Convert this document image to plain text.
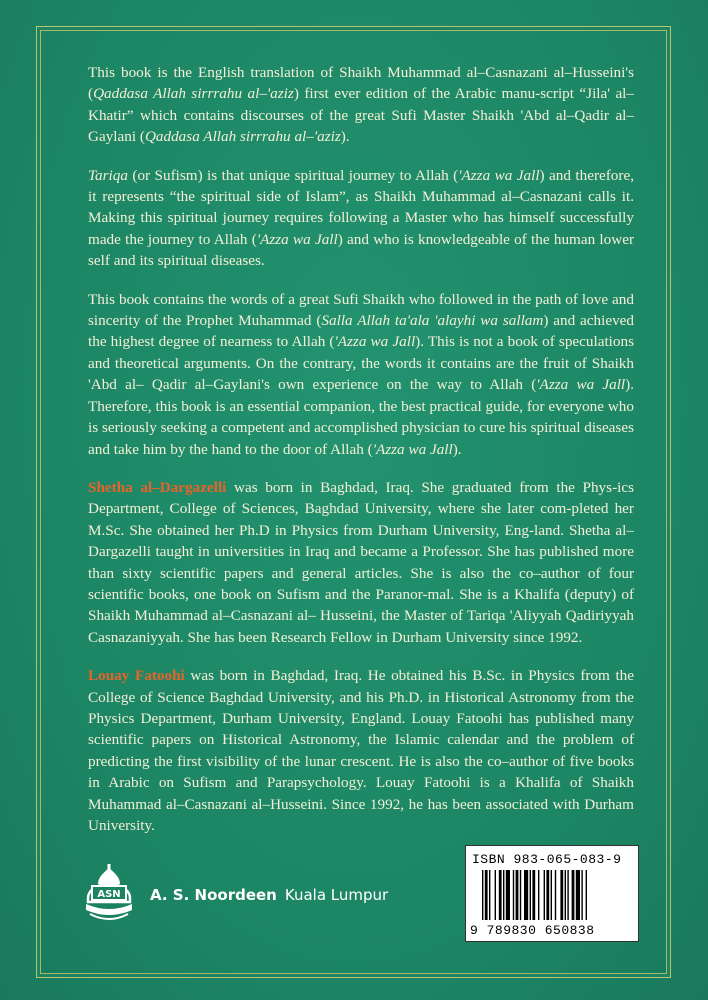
This book is the English translation of Shaikh Muhammad al–Casnazani al–Husseini's (Qaddasa Allah sirrrahu al–'aziz) first ever edition of the Arabic manu-script “Jila' al–Khatir” which contains discourses of the great Sufi Master Shaikh 'Abd al–Qadir al–Gaylani (Qaddasa Allah sirrrahu al–'aziz).

Tariqa (or Sufism) is that unique spiritual journey to Allah ('Azza wa Jall) and therefore, it represents “the spiritual side of Islam”, as Shaikh Muhammad al–Casnazani calls it. Making this spiritual journey requires following a Master who has himself successfully made the journey to Allah ('Azza wa Jall) and who is knowledgeable of the human lower self and its spiritual diseases.

This book contains the words of a great Sufi Shaikh who followed in the path of love and sincerity of the Prophet Muhammad (Salla Allah ta'ala 'alayhi wa sallam) and achieved the highest degree of nearness to Allah ('Azza wa Jall). This is not a book of speculations and theoretical arguments. On the contrary, the words it contains are the fruit of Shaikh 'Abd al– Qadir al–Gaylani's own experience on the way to Allah ('Azza wa Jall). Therefore, this book is an essential companion, the best practical guide, for everyone who is seriously seeking a competent and accomplished physician to cure his spiritual diseases and take him by the hand to the door of Allah ('Azza wa Jall).

Shetha al–Dargazelli was born in Baghdad, Iraq. She graduated from the Phys-ics Department, College of Sciences, Baghdad University, where she later com-pleted her M.Sc. She obtained her Ph.D in Physics from Durham University, Eng-land. Shetha al–Dargazelli taught in universities in Iraq and became a Professor. She has published more than sixty scientific papers and general articles. She is also the co–author of four scientific books, one book on Sufism and the Paranor-mal. She is a Khalifa (deputy) of Shaikh Muhammad al–Casnazani al– Husseini, the Master of Tariqa 'Aliyyah Qadiriyyah Casnazaniyyah. She has been Research Fellow in Durham University since 1992.

Louay Fatoohi was born in Baghdad, Iraq. He obtained his B.Sc. in Physics from the College of Science Baghdad University, and his Ph.D. in Historical Astronomy from the Physics Department, Durham University, England. Louay Fatoohi has published many scientific papers on Historical Astronomy, the Islamic calendar and the problem of predicting the first visibility of the lunar crescent. He is also the co–author of five books in Arabic on Sufism and Parapsychology. Louay Fatoohi is a Khalifa of Shaikh Muhammad al–Casnazani al–Husseini. Since 1992, he has been associated with Durham University.

ASN A. S. Noordeen Kuala Lumpur
ISBN 983-065-083-9
9 789830 650838
